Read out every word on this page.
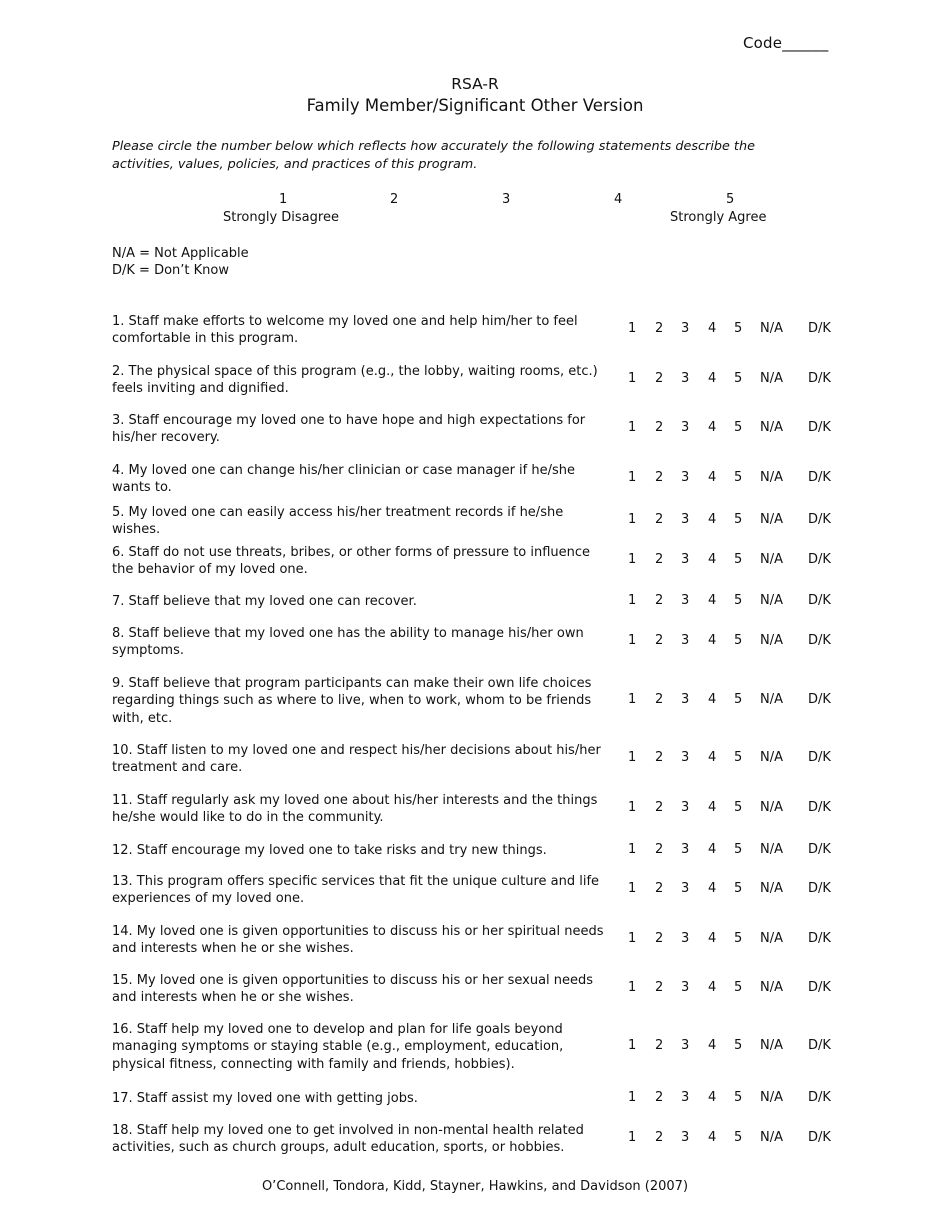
Code______
RSA-R
Family Member/Significant Other Version
Please circle the number below which reflects how accurately the following statements describe the activities, values, policies, and practices of this program.
1	2	3	4	5
Strongly Disagree	Strongly Agree
N/A = Not Applicable
D/K = Don’t Know
1. Staff make efforts to welcome my loved one and help him/her to feel comfortable in this program.
1 2 3 4 5 N/A D/K
2. The physical space of this program (e.g., the lobby, waiting rooms, etc.) feels inviting and dignified.
1 2 3 4 5 N/A D/K
3. Staff encourage my loved one to have hope and high expectations for his/her recovery.
1 2 3 4 5 N/A D/K
4. My loved one can change his/her clinician or case manager if he/she wants to.
1 2 3 4 5 N/A D/K
5. My loved one can easily access his/her treatment records if he/she wishes.
1 2 3 4 5 N/A D/K
6. Staff do not use threats, bribes, or other forms of pressure to influence the behavior of my loved one.
1 2 3 4 5 N/A D/K
7. Staff believe that my loved one can recover.	1 2 3 4 5 N/A D/K
8. Staff believe that my loved one has the ability to manage his/her own symptoms.
1 2 3 4 5 N/A D/K
9. Staff believe that program participants can make their own life choices regarding things such as where to live, when to work, whom to be friends with, etc.
1 2 3 4 5 N/A D/K
10. Staff listen to my loved one and respect his/her decisions about his/her treatment and care.
1 2 3 4 5 N/A D/K
11. Staff regularly ask my loved one about his/her interests and the things he/she would like to do in the community.
1 2 3 4 5 N/A D/K
12. Staff encourage my loved one to take risks and try new things.	1 2 3 4 5 N/A D/K
13. This program offers specific services that fit the unique culture and life experiences of my loved one.
1 2 3 4 5 N/A D/K
14. My loved one is given opportunities to discuss his or her spiritual needs and interests when he or she wishes.
1 2 3 4 5 N/A D/K
15. My loved one is given opportunities to discuss his or her sexual needs and interests when he or she wishes.
1 2 3 4 5 N/A D/K
16. Staff help my loved one to develop and plan for life goals beyond managing symptoms or staying stable (e.g., employment, education, physical fitness, connecting with family and friends, hobbies).
1 2 3 4 5 N/A D/K
17. Staff assist my loved one with getting jobs.	1 2 3 4 5 N/A D/K
18. Staff help my loved one to get involved in non-mental health related activities, such as church groups, adult education, sports, or hobbies.
1 2 3 4 5 N/A D/K
O’Connell, Tondora, Kidd, Stayner, Hawkins, and Davidson (2007)
